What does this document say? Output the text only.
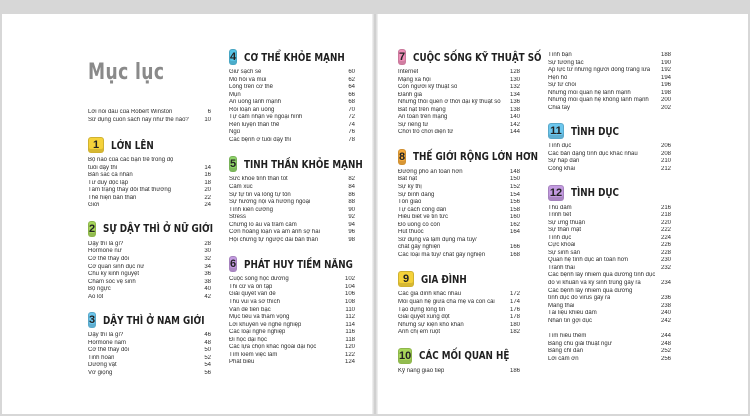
Mục lục
Lời nói đầu của Robert Winston	6
Sử dụng cuốn sách này như thế nào?	10
1	LỚN LÊN
Bộ não của các bạn trẻ trong độ
tuổi dậy thì	14
Bản sắc cá nhân	16
Tư duy độc lập	18
Tâm trạng thay đổi thất thường	20
Thể hiện bản thân	22
Giới	24
2 SỰ DẬY THÌ Ở NỮ GIỚI
Dậy thì là gì?	28
Hormone nữ	30
Cơ thể thay đổi	32
Cơ quan sinh dục nữ	34
Chu kỳ kinh nguyệt	36
Chăm sóc vệ sinh	38
Bộ ngực	40
Áo lót	42
3 DẬY THÌ Ở NAM GIỚI
Dậy thì là gì?	46
Hormone nam	48
Cơ thể thay đổi	50
Tinh hoàn	52
Dương vật	54
Vỡ giọng	56
4 CƠ THỂ KHỎE MẠNH
Giữ sạch sẽ	60
Mồ hôi và mùi	62
Lông trên cơ thể	64
Mụn	66
Ăn uống lành mạnh	68
Rối loạn ăn uống	70
Tự cảm nhận về ngoại hình	72
Rèn luyện thân thể	74
Ngủ	76
Các bệnh ở tuổi dậy thì	78
5 TINH THẦN KHỎE MẠNH
Sức khỏe tinh thần tốt	82
Cảm xúc	84
Sự tự tin và lòng tự tôn	86
Sự hướng nội và hướng ngoại	88
Tính kiên cường	90
Stress	92
Chứng lo âu và trầm cảm	94
Cơn hoảng loạn và ám ảnh sợ hãi	96
Hội chứng tự ngược đãi bản thân	98
6 PHÁT HUY TIỀM NĂNG
Cuộc sống học đường	102
Thi cử và ôn tập	104
Giải quyết vấn đề	106
Thú vui và sở thích	108
Vấn đề tiền bạc	110
Mục tiêu và tham vọng	112
Lời khuyên về nghề nghiệp	114
Các loại nghề nghiệp	116
Đi học đại học	118
Các lựa chọn khác ngoài đại học	120
Tìm kiếm việc làm	122
Phát biểu	124
7 CUỘC SỐNG KỸ THUẬT SỐ
Internet	128
Mạng xã hội	130
Con người kỹ thuật số	132
Đánh giá	134
Những thói quen ở thời đại kỹ thuật số	136
Bắt nạt trên mạng	138
An toàn trên mạng	140
Sự riêng tư	142
Chơi trò chơi điện tử	144
8 THẾ GIỚI RỘNG LỚN HƠN
Đường phố an toàn hơn	148
Bắt nạt	150
Sự kỳ thị	152
Sự bình đẳng	154
Tôn giáo	156
Tự cách công dân	158
Hiểu biết về tin tức	160
Đồ uống có cồn	162
Hút thuốc	164
Sử dụng và lạm dụng ma túy/
chất gây nghiện	166
Các loại ma túy/ chất gây nghiện	168
9	GIA ĐÌNH
Các gia đình khác nhau	172
Mối quan hệ giữa cha mẹ và con cái	174
Tạo dựng lòng tin	176
Giải quyết xung đột	178
Những sự kiện khó khăn	180
Anh chị em ruột	182
10 CÁC MỐI QUAN HỆ
Kỹ năng giao tiếp	186
Tình bạn	188
Sự tương tác	190
Áp lực từ những người đồng trang lứa	192
Hẹn hò	194
Sự từ chối	196
Những mối quan hệ lành mạnh	198
Những mối quan hệ không lành mạnh	200
Chia tay	202
11 TÌNH DỤC
Tình dục	206
Các bản dạng tình dục khác nhau	208
Sự hấp dẫn	210
Công khai	212
12 TÌNH DỤC
Thủ dâm	216
Trinh tiết	218
Sự ưng thuận	220
Sự thân mật	222
Tình dục	224
Cực khoái	226
Sự sinh sản	228
Quan hệ tình dục an toàn hơn	230
Tránh thai	232
Các bệnh lây nhiễm qua đường tình dục
do vi khuẩn và ký sinh trùng gây ra	234
Các bệnh lây nhiễm qua đường
tình dục do virus gây ra	236
Mang thai	238
Tái liệu khiêu dâm	240
Nhắn tin gợi dục	242
Tìm hiểu thêm	244
Bảng chú giải thuật ngữ	248
Bảng chỉ dẫn	252
Lời cảm ơn	256
